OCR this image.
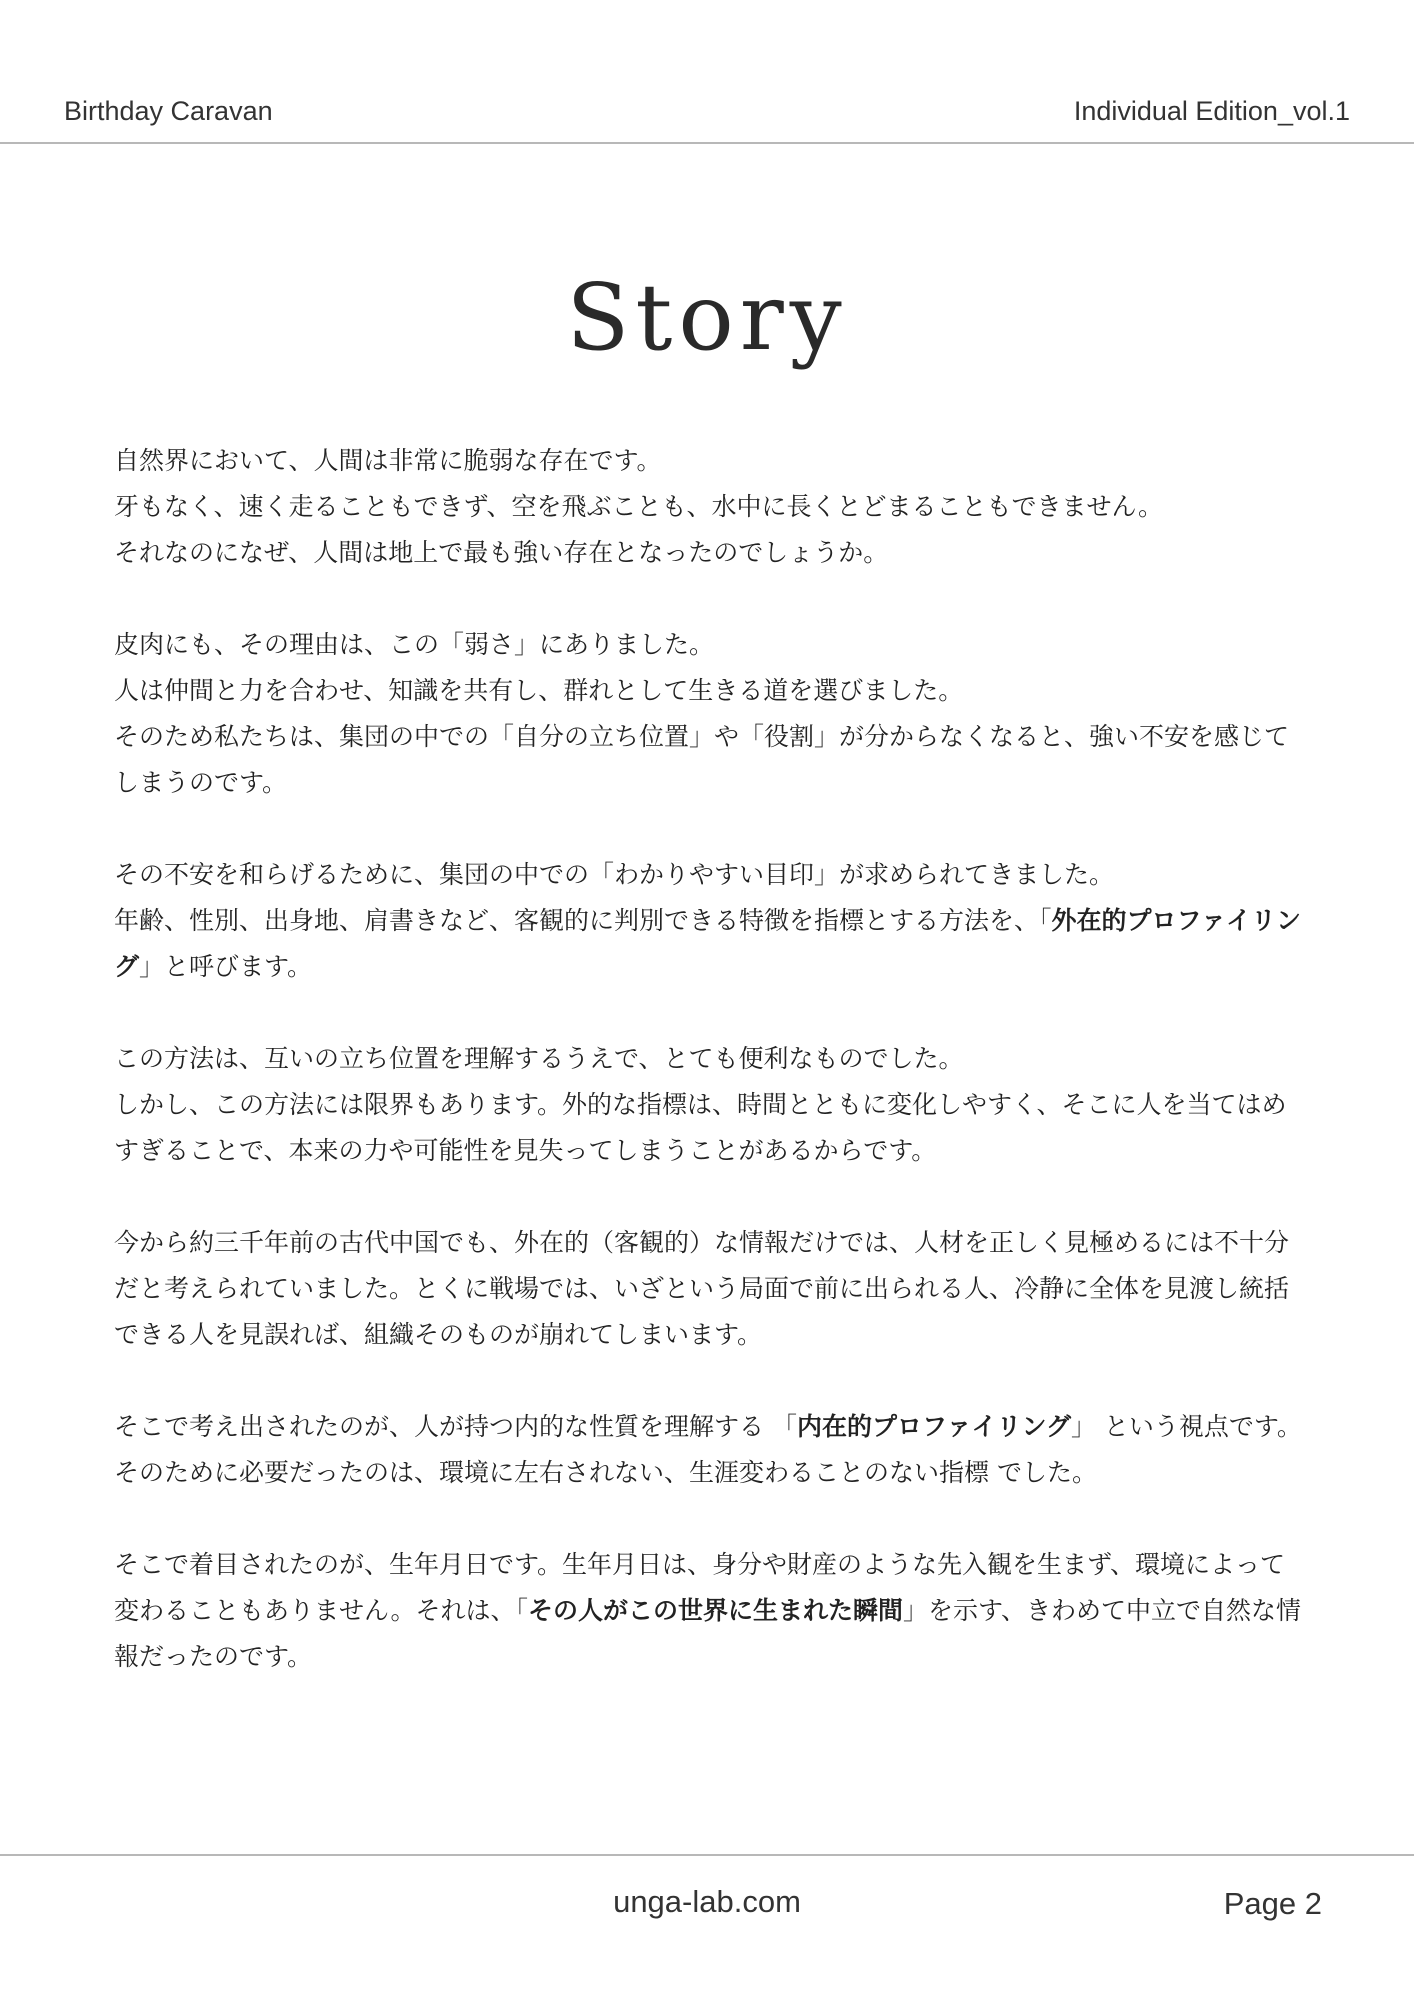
Birthday Caravan	Individual Edition_vol.1
Story

自然界において、人間は非常に脆弱な存在です。
牙もなく、速く走ることもできず、空を飛ぶことも、水中に長くとどまることもできません。
それなのになぜ、人間は地上で最も強い存在となったのでしょうか。

皮肉にも、その理由は、この「弱さ」にありました。
人は仲間と力を合わせ、知識を共有し、群れとして生きる道を選びました。
そのため私たちは、集団の中での「自分の立ち位置」や「役割」が分からなくなると、強い不安を感じてしまうのです。

その不安を和らげるために、集団の中での「わかりやすい目印」が求められてきました。
年齢、性別、出身地、肩書きなど、客観的に判別できる特徴を指標とする方法を、「外在的プロファイリング」と呼びます。

この方法は、互いの立ち位置を理解するうえで、とても便利なものでした。
しかし、この方法には限界もあります。外的な指標は、時間とともに変化しやすく、そこに人を当てはめすぎることで、本来の力や可能性を見失ってしまうことがあるからです。

今から約三千年前の古代中国でも、外在的（客観的）な情報だけでは、人材を正しく見極めるには不十分だと考えられていました。とくに戦場では、いざという局面で前に出られる人、冷静に全体を見渡し統括できる人を見誤れば、組織そのものが崩れてしまいます。

そこで考え出されたのが、人が持つ内的な性質を理解する 「内在的プロファイリング」 という視点です。そのために必要だったのは、環境に左右されない、生涯変わることのない指標 でした。

そこで着目されたのが、生年月日です。生年月日は、身分や財産のような先入観を生まず、環境によって変わることもありません。それは、「その人がこの世界に生まれた瞬間」を示す、きわめて中立で自然な情報だったのです。

unga-lab.com	Page 2
